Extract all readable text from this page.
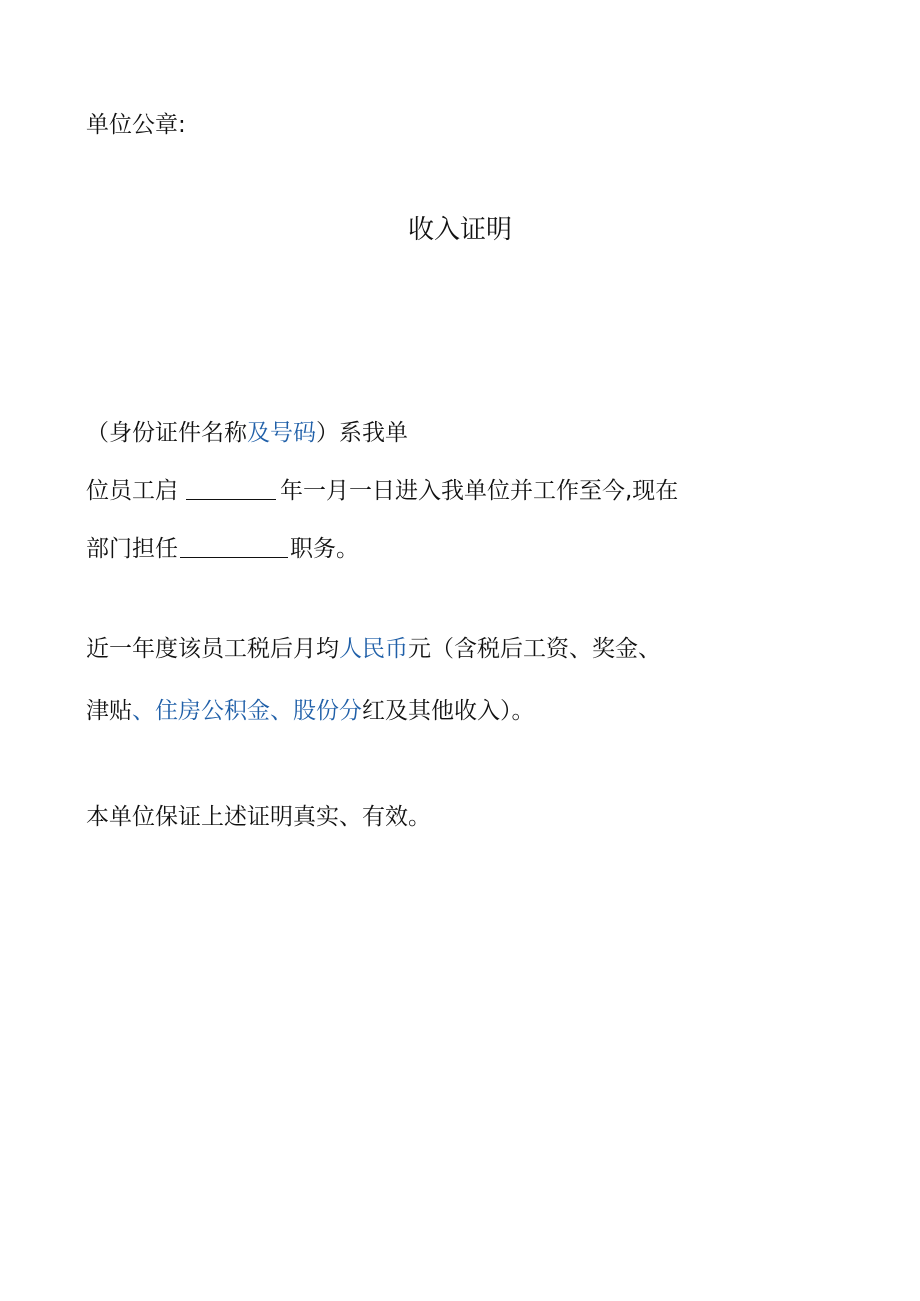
单位公章:
收入证明
（身份证件名称及号码）系我单
位员工启	年一月一日进入我单位并工作至今,现在
部门担任	职务。
近一年度该员工税后月均人民币元（含税后工资、奖金、
津贴、住房公积金、股份分红及其他收入）。
本单位保证上述证明真实、有效。
